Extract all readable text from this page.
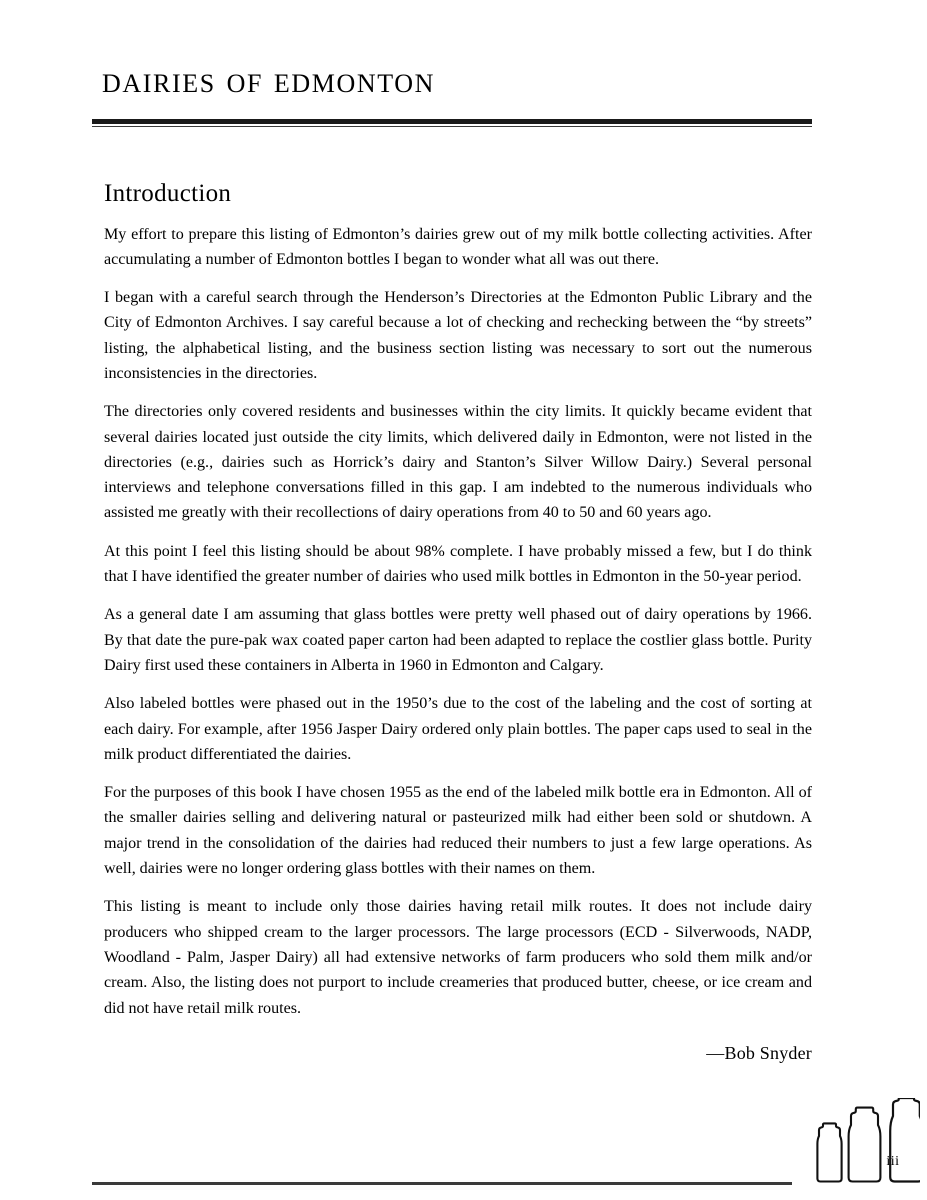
dairies of edmonton
Introduction

My effort to prepare this listing of Edmonton’s dairies grew out of my milk bottle collecting activities. After accumulating a number of Edmonton bottles I began to wonder what all was out there.

I began with a careful search through the Henderson’s Directories at the Edmonton Public Library and the City of Edmonton Archives. I say careful because a lot of checking and rechecking between the “by streets” listing, the alphabetical listing, and the business section listing was necessary to sort out the numerous inconsistencies in the directories.

The directories only covered residents and businesses within the city limits. It quickly became evident that several dairies located just outside the city limits, which delivered daily in Edmonton, were not listed in the directories (e.g., dairies such as Horrick’s dairy and Stanton’s Silver Willow Dairy.) Several personal interviews and telephone conversations filled in this gap. I am indebted to the numerous individuals who assisted me greatly with their recollections of dairy operations from 40 to 50 and 60 years ago.

At this point I feel this listing should be about 98% complete. I have probably missed a few, but I do think that I have identified the greater number of dairies who used milk bottles in Edmonton in the 50-year period.

As a general date I am assuming that glass bottles were pretty well phased out of dairy operations by 1966. By that date the pure-pak wax coated paper carton had been adapted to replace the costlier glass bottle. Purity Dairy first used these containers in Alberta in 1960 in Edmonton and Calgary.

Also labeled bottles were phased out in the 1950’s due to the cost of the labeling and the cost of sorting at each dairy. For example, after 1956 Jasper Dairy ordered only plain bottles. The paper caps used to seal in the milk product differentiated the dairies.

For the purposes of this book I have chosen 1955 as the end of the labeled milk bottle era in Edmonton. All of the smaller dairies selling and delivering natural or pasteurized milk had either been sold or shutdown. A major trend in the consolidation of the dairies had reduced their numbers to just a few large operations. As well, dairies were no longer ordering glass bottles with their names on them.

This listing is meant to include only those dairies having retail milk routes. It does not include dairy producers who shipped cream to the larger processors. The large processors (ECD - Silverwoods, NADP, Woodland - Palm, Jasper Dairy) all had extensive networks of farm producers who sold them milk and/or cream. Also, the listing does not purport to include creameries that produced butter, cheese, or ice cream and did not have retail milk routes.

—Bob Snyder
iii
